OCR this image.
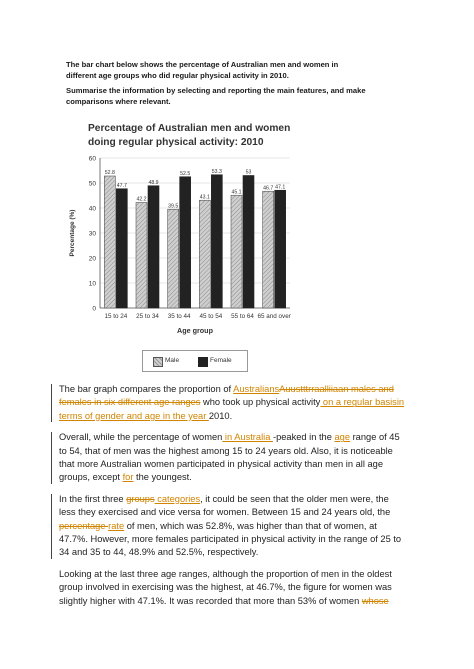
The bar chart below shows the percentage of Australian men and women in
different age groups who did regular physical activity in 2010.

Summarise the information by selecting and reporting the main features, and make
comparisons where relevant.

Percentage of Australian men and women
doing regular physical activity: 2010
0
10
20
30
40
50
60
52.8
47.7
15 to 24
42.2
48.9
25 to 34
39.5
52.5
35 to 44
43.1
53.3
45 to 54
45.1
53
55 to 64
46.7 47.1
65 and over
Age group
Percentage (%)
Male	Female

The bar graph compares the proportion of AustraliansAuustttrraalliiaan males and females in six different age ranges who took up physical activity on a regular basisin terms of gender and age in the year 2010.

Overall, while the percentage of women in Australia -peaked in the age range of 45 to 54, that of men was the highest among 15 to 24 years old. Also, it is noticeable that more Australian women participated in physical activity than men in all age groups, except for the youngest.

In the first three groups categories, it could be seen that the older men were, the less they exercised and vice versa for women. Between 15 and 24 years old, the percentage rate of men, which was 52.8%, was higher than that of women, at 47.7%. However, more females participated in physical activity in the range of 25 to 34 and 35 to 44, 48.9% and 52.5%, respectively.

Looking at the last three age ranges, although the proportion of men in the oldest group involved in exercising was the highest, at 46.7%, the figure for women was slightly higher with 47.1%. It was recorded that more than 53% of women whose
